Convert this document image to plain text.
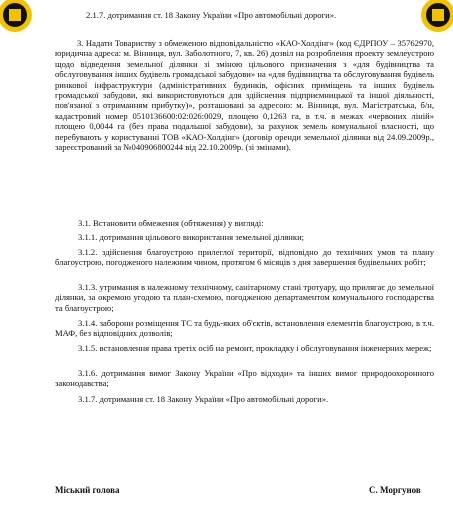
2.1.7. дотримання ст. 18 Закону України «Про автомобільні дороги».
3. Надати Товариству з обмеженою відповідальністю «КАО-Холдінг» (код ЄДРПОУ – 35762970, юридична адреса: м. Вінниця, вул. Заболотного, 7, кв. 26) дозвіл на розроблення проекту землеустрою щодо відведення земельної ділянки зі зміною цільового призначення з «для будівництва та обслуговування інших будівель громадської забудови» на «для будівництва та обслуговування будівель ринкової інфраструктури (адміністративних будинків, офісних приміщень та інших будівель громадської забудови, які використовуються для здійснення підприємницької та іншої діяльності, пов'язаної з отриманням прибутку)», розташовані за адресою: м. Вінниця, вул. Магістратська, б/н, кадастровий номер 0510136600:02:026:0029, площею 0,1263 га, в т.ч. в межах «червоних ліній» площею 0,0044 га (без права подальшої забудови), за рахунок земель комунальної власності, що перебувають у користуванні ТОВ «КАО-Холдінг» (договір оренди земельної ділянки від 24.09.2009р., зареєстрований за №040906800244 від 22.10.2009р. (зі змінами).
3.1. Встановити обмеження (обтяження) у вигляді:
3.1.1. дотримання цільового використання земельної ділянки;
3.1.2. здійснення благоустрою прилеглої території, відповідно до технічних умов та плану благоустрою, погодженого належним чином, протягом 6 місяців з дня завершення будівельних робіт;
3.1.3. утримання в належному технічному, санітарному стані тротуару, що прилягає до земельної ділянки, за окремою угодою та план-схемою, погодженою департаментом комунального господарства та благоустрою;
3.1.4. заборони розміщення ТС та будь-яких об'єктів, встановлення елементів благоустрою, в т.ч. МАФ, без відповідних дозволів;
3.1.5. встановлення права третіх осіб на ремонт, прокладку і обслуговування інженерних мереж;
3.1.6. дотримання вимог Закону України «Про відходи» та інших вимог природоохоронного законодавства;
3.1.7. дотримання ст. 18 Закону України «Про автомобільні дороги».
Міський голова	С. Моргунов
